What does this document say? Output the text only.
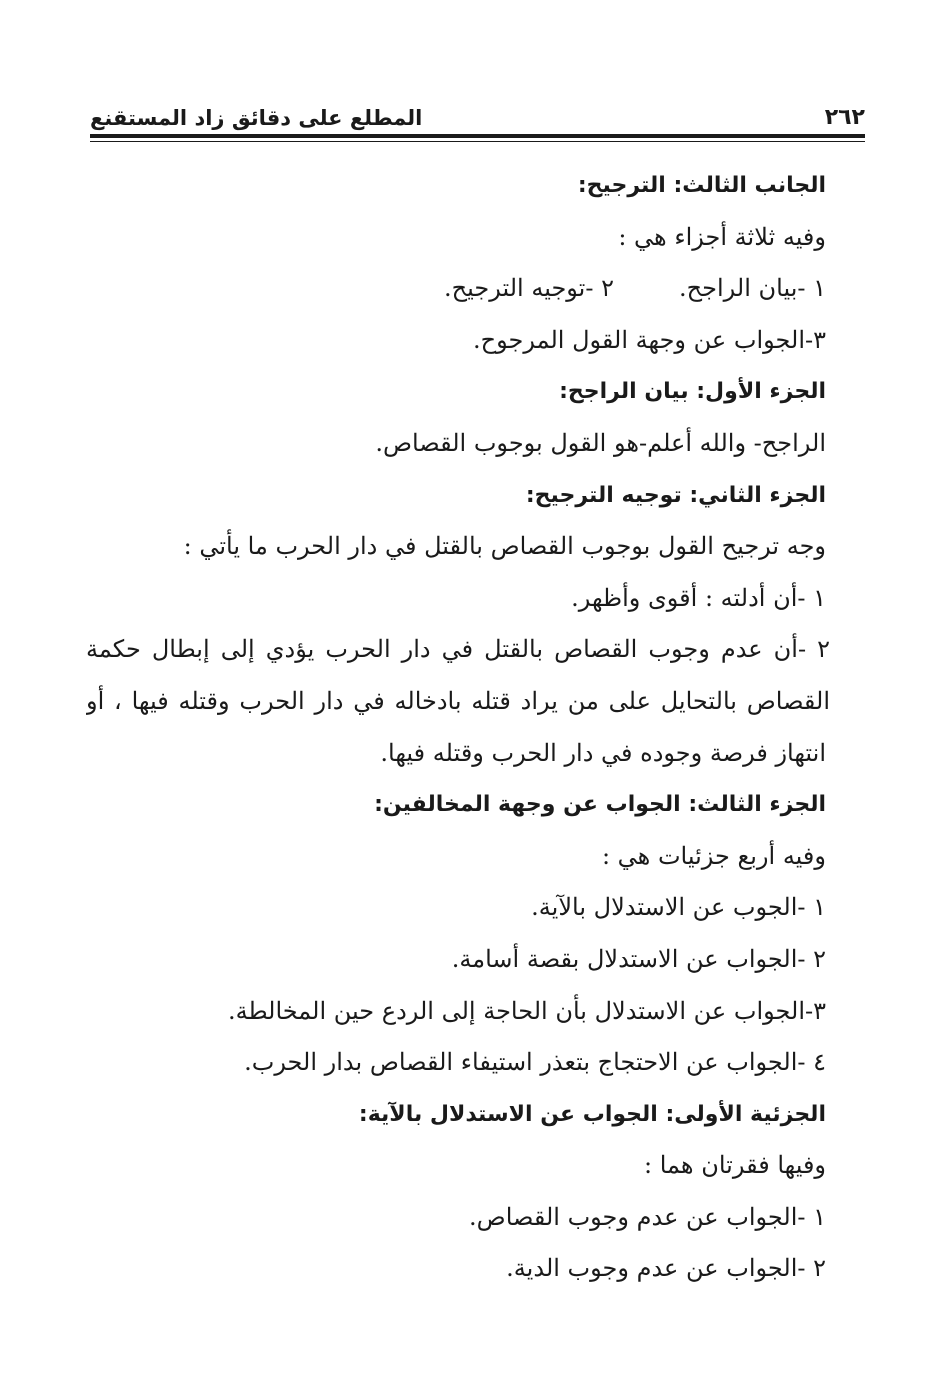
المطلع على دقائق زاد المستقنع	٢٦٢
الجانب الثالث: الترجيح:
وفيه ثلاثة أجزاء هي :
١ -بيان الراجح.
٢ -توجيه الترجيح.
٣-الجواب عن وجهة القول المرجوح.
الجزء الأول: بيان الراجح:
الراجح- والله أعلم-هو القول بوجوب القصاص.
الجزء الثاني: توجيه الترجيح:
وجه ترجيح القول بوجوب القصاص بالقتل في دار الحرب ما يأتي :
١ -أن أدلته : أقوى وأظهر.
٢ -أن عدم وجوب القصاص بالقتل في دار الحرب يؤدي إلى إبطال حكمة
القصاص بالتحايل على من يراد قتله بادخاله في دار الحرب وقتله فيها ، أو
انتهاز فرصة وجوده في دار الحرب وقتله فيها.
الجزء الثالث: الجواب عن وجهة المخالفين:
وفيه أربع جزئيات هي :
١ -الجوب عن الاستدلال بالآية.
٢ -الجواب عن الاستدلال بقصة أسامة.
٣-الجواب عن الاستدلال بأن الحاجة إلى الردع حين المخالطة.
٤ -الجواب عن الاحتجاج بتعذر استيفاء القصاص بدار الحرب.
الجزئية الأولى: الجواب عن الاستدلال بالآية:
وفيها فقرتان هما :
١ -الجواب عن عدم وجوب القصاص.
٢ -الجواب عن عدم وجوب الدية.
